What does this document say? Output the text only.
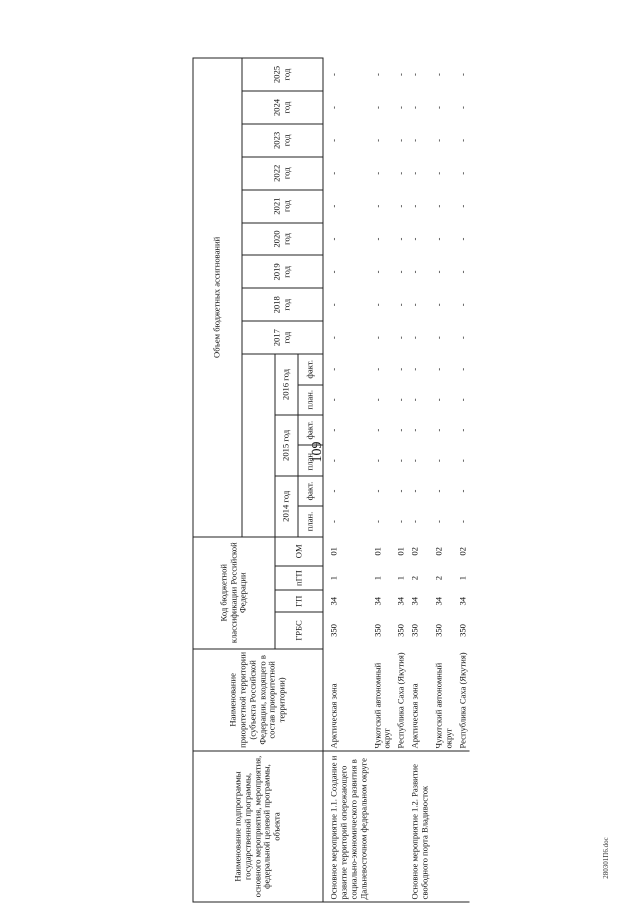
109
Наименование подпрограммы государственной программы, основного мероприятия, мероприятия, федеральной целевой программы, объекта	Наименование приоритетной территории (субъекта Российской Федерации, входящего в состав приоритетной территории)	Код бюджетной классификации Российской Федерации				Объем бюджетных ассигнований														
												2017 год	2018 год	2019 год	2020 год	2021 год	2022 год	2023 год	2024 год	2025 год
		ГРБС	ГП	пГП	ОМ	2014 год		2015 год		2016 год										
						план.	факт.	план.	факт.	план.	факт.									
Основное мероприятие 1.1. Создание и развитие территорий опережающего социально-экономического развития в Дальневосточном федеральном округе	Арктическая зона	350	34	1	01	-	-	-	-	-	-	-	-	-	-	-	-	-	-	-
	Чукотский автономный округ	350	34	1	01	-	-	-	-	-	-	-	-	-	-	-	-	-	-	-
	Республика Саха (Якутия)	350	34	1	01	-	-	-	-	-	-	-	-	-	-	-	-	-	-	-
Основное мероприятие 1.2. Развитие свободного порта Владивосток	Арктическая зона	350	34	2	02	-	-	-	-	-	-	-	-	-	-	-	-	-	-	-
	Чукотский автономный округ	350	34	2	02	-	-	-	-	-	-	-	-	-	-	-	-	-	-	-
	Республика Саха (Якутия)	350	34	1	02	-	-	-	-	-	-	-	-	-	-	-	-	-	-	-
280301П6.doc
